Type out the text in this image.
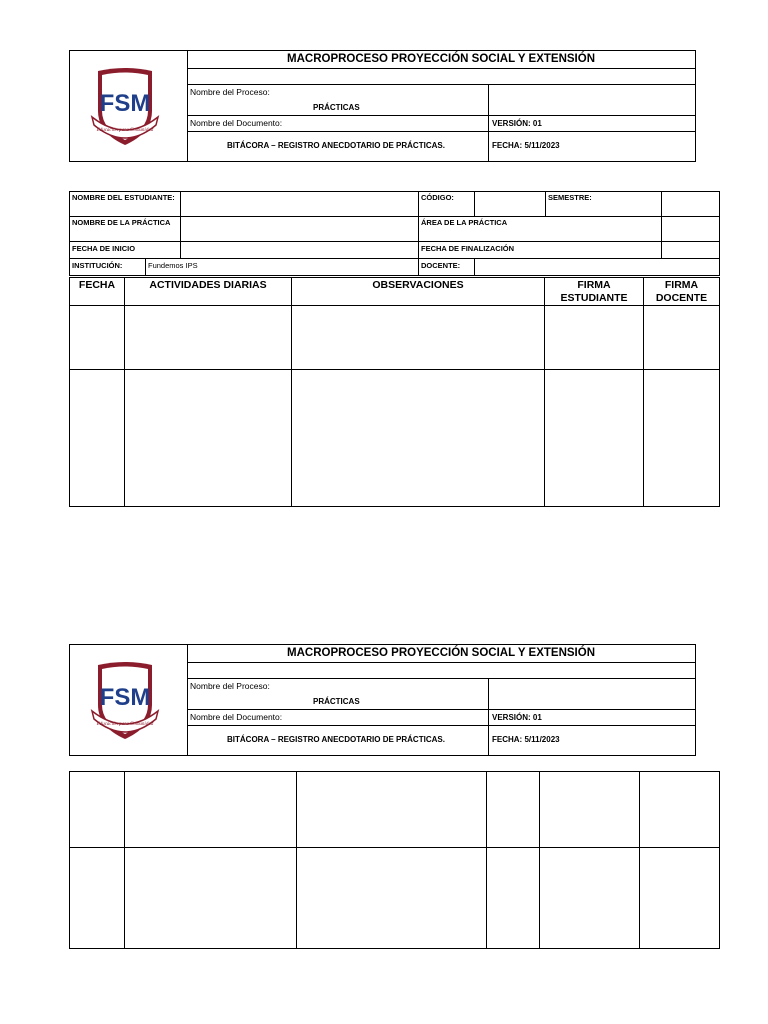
FSM
Educación para Comunidad
MACROPROCESO PROYECCIÓN SOCIAL Y EXTENSIÓN
Nombre del Proceso:
PRÁCTICAS
Nombre del Documento:	VERSIÓN: 01
BITÁCORA – REGISTRO ANECDOTARIO DE PRÁCTICAS.	FECHA: 5/11/2023
NOMBRE DEL ESTUDIANTE:			CÓDIGO:		SEMESTRE:	
NOMBRE DE LA PRÁCTICA			ÁREA DE LA PRÁCTICA			
FECHA DE INICIO			FECHA DE FINALIZACIÓN			
INSTITUCIÓN:	Fundemos IPS		DOCENTE:			
FECHA	ACTIVIDADES DIARIAS	OBSERVACIONES	FIRMA ESTUDIANTE	FIRMA DOCENTE

FSM
Educación para Comunidad
MACROPROCESO PROYECCIÓN SOCIAL Y EXTENSIÓN
Nombre del Proceso:
PRÁCTICAS
Nombre del Documento:	VERSIÓN: 01
BITÁCORA – REGISTRO ANECDOTARIO DE PRÁCTICAS.	FECHA: 5/11/2023
